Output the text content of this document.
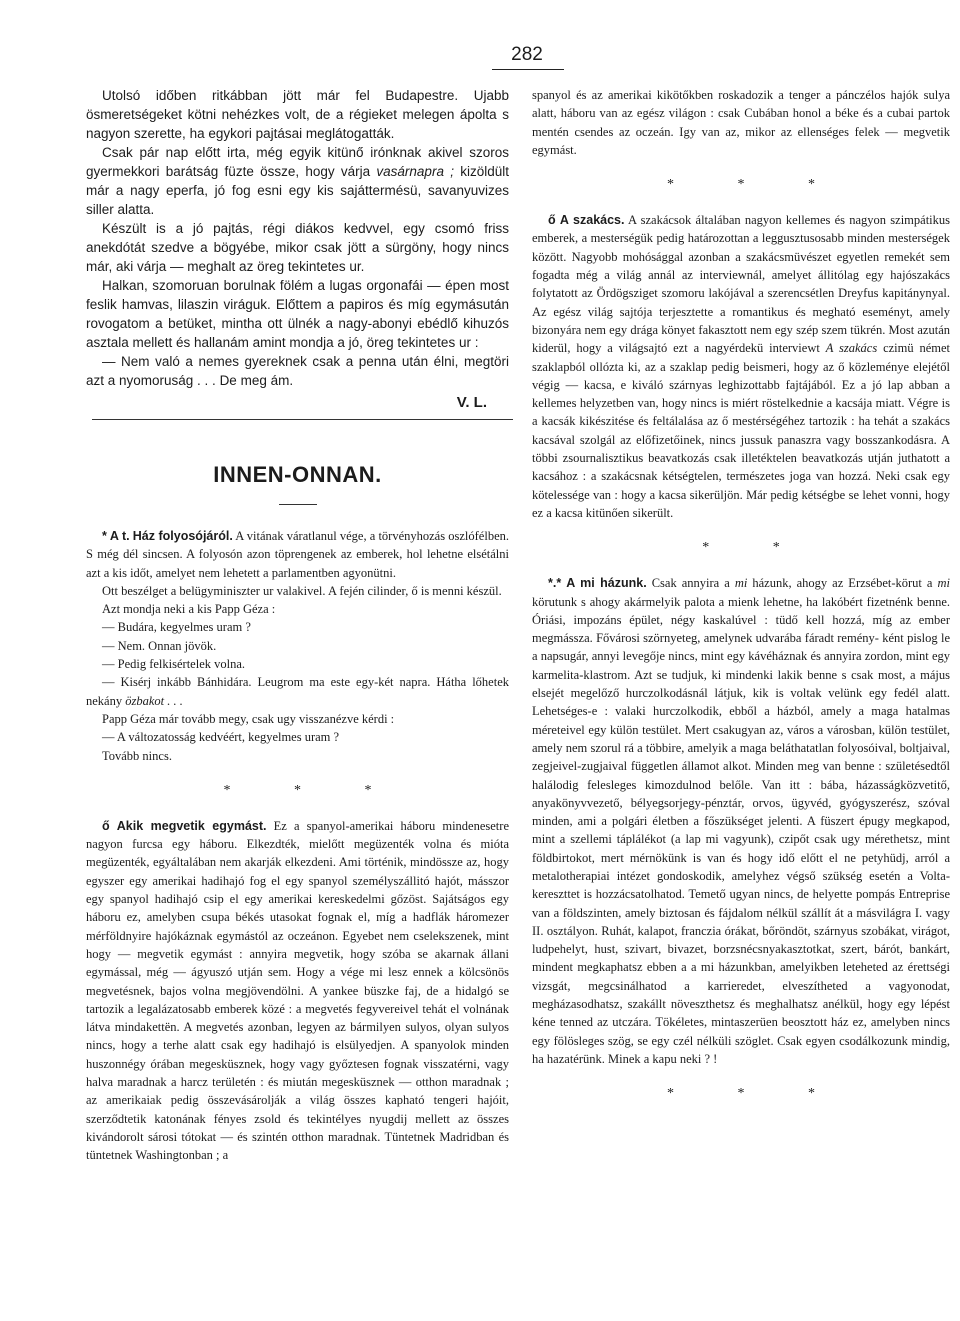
282

Utolsó időben ritkábban jött már fel Budapestre. Ujabb ösmeretségeket kötni nehézkes volt, de a régieket melegen ápolta s nagyon szerette, ha egykori pajtásai meglátogatták.

Csak pár nap előtt irta, még egyik kitünő irónknak akivel szoros gyermekkori barátság füzte össze, hogy várja vasárnapra ; kizöldült már a nagy eperfa, jó fog esni egy kis sajáttermésü, savanyuvizes siller alatta.

Készült is a jó pajtás, régi diákos kedvvel, egy csomó friss anekdótát szedve a bögyébe, mikor csak jött a sürgöny, hogy nincs már, aki várja — meghalt az öreg tekintetes ur.

Halkan, szomoruan borulnak fölém a lugas orgonafái — épen most feslik hamvas, lilaszin viráguk. Előttem a papiros és míg egymásután rovogatom a betüket, mintha ott ülnék a nagy-abonyi ebédlő kihuzós asztala mellett és hallanám amint mondja a jó, öreg tekintetes ur :

— Nem való a nemes gyereknek csak a penna után élni, megtöri azt a nyomoruság . . . De meg ám.

V. L.
INNEN-ONNAN.

* A t. Ház folyosójáról. A vitának váratlanul vége, a törvényhozás oszlófélben. S még dél sincsen. A folyosón azon töprengenek az emberek, hol lehetne elsétálni azt a kis időt, amelyet nem lehetett a parlamentben agyonütni.

Ott beszélget a belügyminiszter ur valakivel. A fején cilinder, ő is menni készül.

Azt mondja neki a kis Papp Géza :

— Budára, kegyelmes uram ?

— Nem. Onnan jövök.

— Pedig felkisértelek volna.

— Kisérj inkább Bánhidára. Leugrom ma este egy-két napra. Hátha lőhetek nekány özbakot . . .

Papp Géza már tovább megy, csak ugy visszanézve kérdi :

— A változatosság kedvéért, kegyelmes uram ?

Tovább nincs.

* * *

ő Akik megvetik egymást. Ez a spanyol-amerikai háboru mindenesetre nagyon furcsa egy háboru. Elkezdték, mielőtt megüzenték volna és mióta megüzenték, egyáltalában nem akarják elkezdeni. Ami történik, mindössze az, hogy egyszer egy amerikai hadihajó fog el egy spanyol személyszállitó hajót, másszor egy spanyol hadihajó csip el egy amerikai kereskedelmi gőzöst. Sajátságos egy háboru ez, amelyben csupa békés utasokat fognak el, míg a hadflák háromezer mérföldnyire hajókáznak egymástól az oczeánon. Egyebet nem cselekszenek, mint hogy — megvetik egymást : annyira megvetik, hogy szóba se akarnak állani egymással, még — ágyuszó utján sem. Hogy a vége mi lesz ennek a kölcsönös megvetésnek, bajos volna megjövendölni. A yankee büszke faj, de a hidalgó se tartozik a legalázatosabb emberek közé : a megvetés fegyvereivel tehát el volnának látva mindakettën. A megvetés azonban, legyen az bármilyen sulyos, olyan sulyos nincs, hogy a terhe alatt csak egy hadihajó is elsülyedjen. A spanyolok minden huszonnégy órában megesküsznek, hogy vagy győztesen fognak visszatérni, vagy halva maradnak a harcz területén : és miután megesküsznek — otthon maradnak ; az amerikaiak pedig összevásárolják a világ összes kapható tengeri hajóit, szerződtetik katonának fényes zsold és tekintélyes nyugdij mellett az összes kivándorolt sárosi tótokat — és szintén otthon maradnak. Tüntetnek Madridban és tüntetnek Washingtonban ; a

spanyol és az amerikai kikötőkben roskadozik a tenger a pánczélos hajók sulya alatt, háboru van az egész világon : csak Cubában honol a béke és a cubai partok mentén csendes az oczeán. Igy van az, mikor az ellenséges felek — megvetik egymást.

* * *

ő A szakács. A szakácsok általában nagyon kellemes és nagyon szimpátikus emberek, a mesterségük pedig határozottan a leggusztusosabb minden mesterségek között. Nagyobb mohósággal azonban a szakácsmüvészet egyetlen remekét sem fogadta még a világ annál az interviewnál, amelyet állitólag egy hajószakács folytatott az Ördögsziget szomoru lakójával a szerencsétlen Dreyfus kapitánynyal. Az egész világ sajtója terjesztette a romantikus és megható eseményt, amely bizonyára nem egy drága könyet fakasztott nem egy szép szem tükrén. Most azután kiderül, hogy a világsajtó ezt a nagyérdekü interviewt A szakács czimü német szaklapból ollózta ki, az a szaklap pedig beismeri, hogy az ő közleménye elejétől végig — kacsa, e kiváló szárnyas leghizottabb fajtájából. Ez a jó lap abban a kellemes helyzetben van, hogy nincs is miért röstelkednie a kacsája miatt. Végre is a kacsák kikészitése és feltálalása az ő mestérségéhez tartozik : ha tehát a szakács kacsával szolgál az előfizetőinek, nincs jussuk panaszra vagy bosszankodásra. A többi zsournalisztikus beavatkozás csak illetéktelen beavatkozás utján juthatott a kacsához : a szakácsnak kétségtelen, természetes joga van hozzá. Neki csak egy kötelessége van : hogy a kacsa sikerüljön. Már pedig kétségbe se lehet vonni, hogy ez a kacsa kitünően sikerült.

* *

*.* A mi házunk. Csak annyira a mi házunk, ahogy az Erzsébet-körut a mi körutunk s ahogy akármelyik palota a mienk lehetne, ha lakóbért fizetnénk benne. Óriási, impozáns épület, négy kaskalúvel : tüdő kell hozzá, míg az ember megmássza. Fővárosi szörnyeteg, amelynek udvarába fáradt remény- ként pislog le a napsugár, annyi levegője nincs, mint egy kávéháznak és annyira zordon, mint egy karmelita-klastrom. Azt se tudjuk, ki mindenki lakik benne s csak most, a május elsejét megelőző hurczolkodásnál látjuk, kik is voltak velünk egy fedél alatt. Lehetséges-e : valaki hurczolkodik, ebből a házból, amely a maga hatalmas méreteivel egy külön testület. Mert csakugyan az, város a városban, külön testület, amely nem szorul rá a többire, amelyik a maga beláthatatlan folyosóival, boltjaival, zegjeivel-zugjaival független államot alkot. Minden meg van benne : születésedtől halálodig felesleges kimozdulnod belőle. Van itt : bába, házasságközvetitő, anyakönyvvezető, bélyegsorjegy-pénztár, orvos, ügyvéd, gyógyszerész, szóval minden, ami a polgári életben a főszükséget jelenti. A füszert épugy megkapod, mint a szellemi táplálékot (a lap mi vagyunk), czipőt csak ugy mérethetsz, mint földbirtokot, mert mérnökünk is van és hogy idő előtt el ne petyhüdj, arról a metalotherapiai intézet gondoskodik, amelyhez végső szükség esetén a Volta-kereszttet is hozzácsatolhatod. Temető ugyan nincs, de helyette pompás Entreprise van a földszinten, amely biztosan és fájdalom nélkül szállít át a másvilágra I. vagy II. osztályon. Ruhát, kalapot, franczia órákat, bőröndöt, szárnyus szobákat, virágot, ludpehelyt, hust, szivart, bivazet, borzsnécsnyakasztotkat, szert, bárót, bankárt, mindent megkaphatsz ebben a a mi házunkban, amelyikben leteheted az érettségi vizsgát, megcsinálhatod a karrieredet, elveszítheted a vagyonodat, megházasodhatsz, szakállt növeszthetsz és meghalhatsz anélkül, hogy egy lépést kéne tenned az utczára. Tökéletes, mintaszerüen beosztott ház ez, amelyben nincs egy fölösleges szög, se egy czél nélküli szöglet. Csak egyen csodálkozunk mindig, ha hazatérünk. Minek a kapu neki ? !

* * *
